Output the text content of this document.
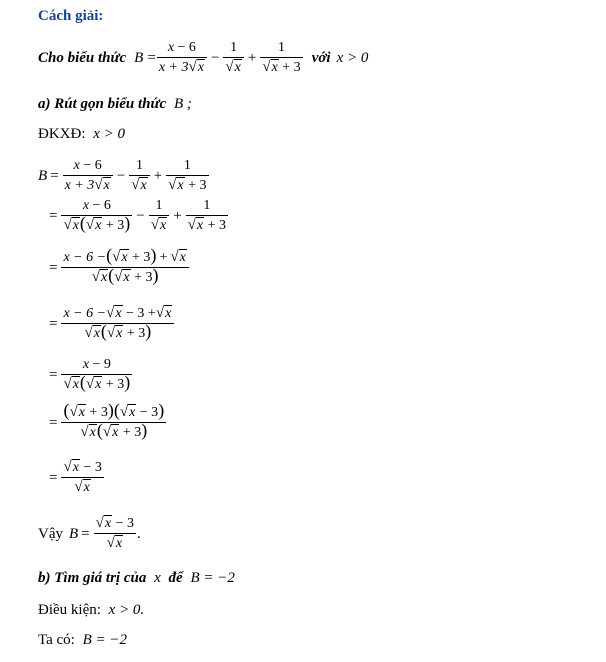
Cách giải:
Cho biểu thức $B = \frac{x - 6}{x + 3√x} - \frac{1}{√x} + \frac{1}{√x + 3}$ với x > 0
a) Rút gọn biểu thức B ;
ĐKXĐ: x > 0
$B = \frac{x - 6}{x + 3√x} - \frac{1}{√x} + \frac{1}{√x + 3}$
= $\frac{x - 6}{√x(√x + 3)} - \frac{1}{√x} + \frac{1}{√x + 3}$
= $\frac{x - 6 -(√x + 3) + √x}{√x(√x + 3)}$
= $\frac{x - 6 -√x - 3 +√x}{√x(√x + 3)}$
= $\frac{x - 9}{√x(√x + 3)}$
= $\frac{(√x + 3)(√x - 3)}{√x(√x + 3)}$
= $\frac{√x - 3}{√x}$
Vậy $B = \frac{√x - 3}{√x}$ .
b) Tìm giá trị của x để B = −2
Điều kiện: x > 0.
Ta có: B = −2
